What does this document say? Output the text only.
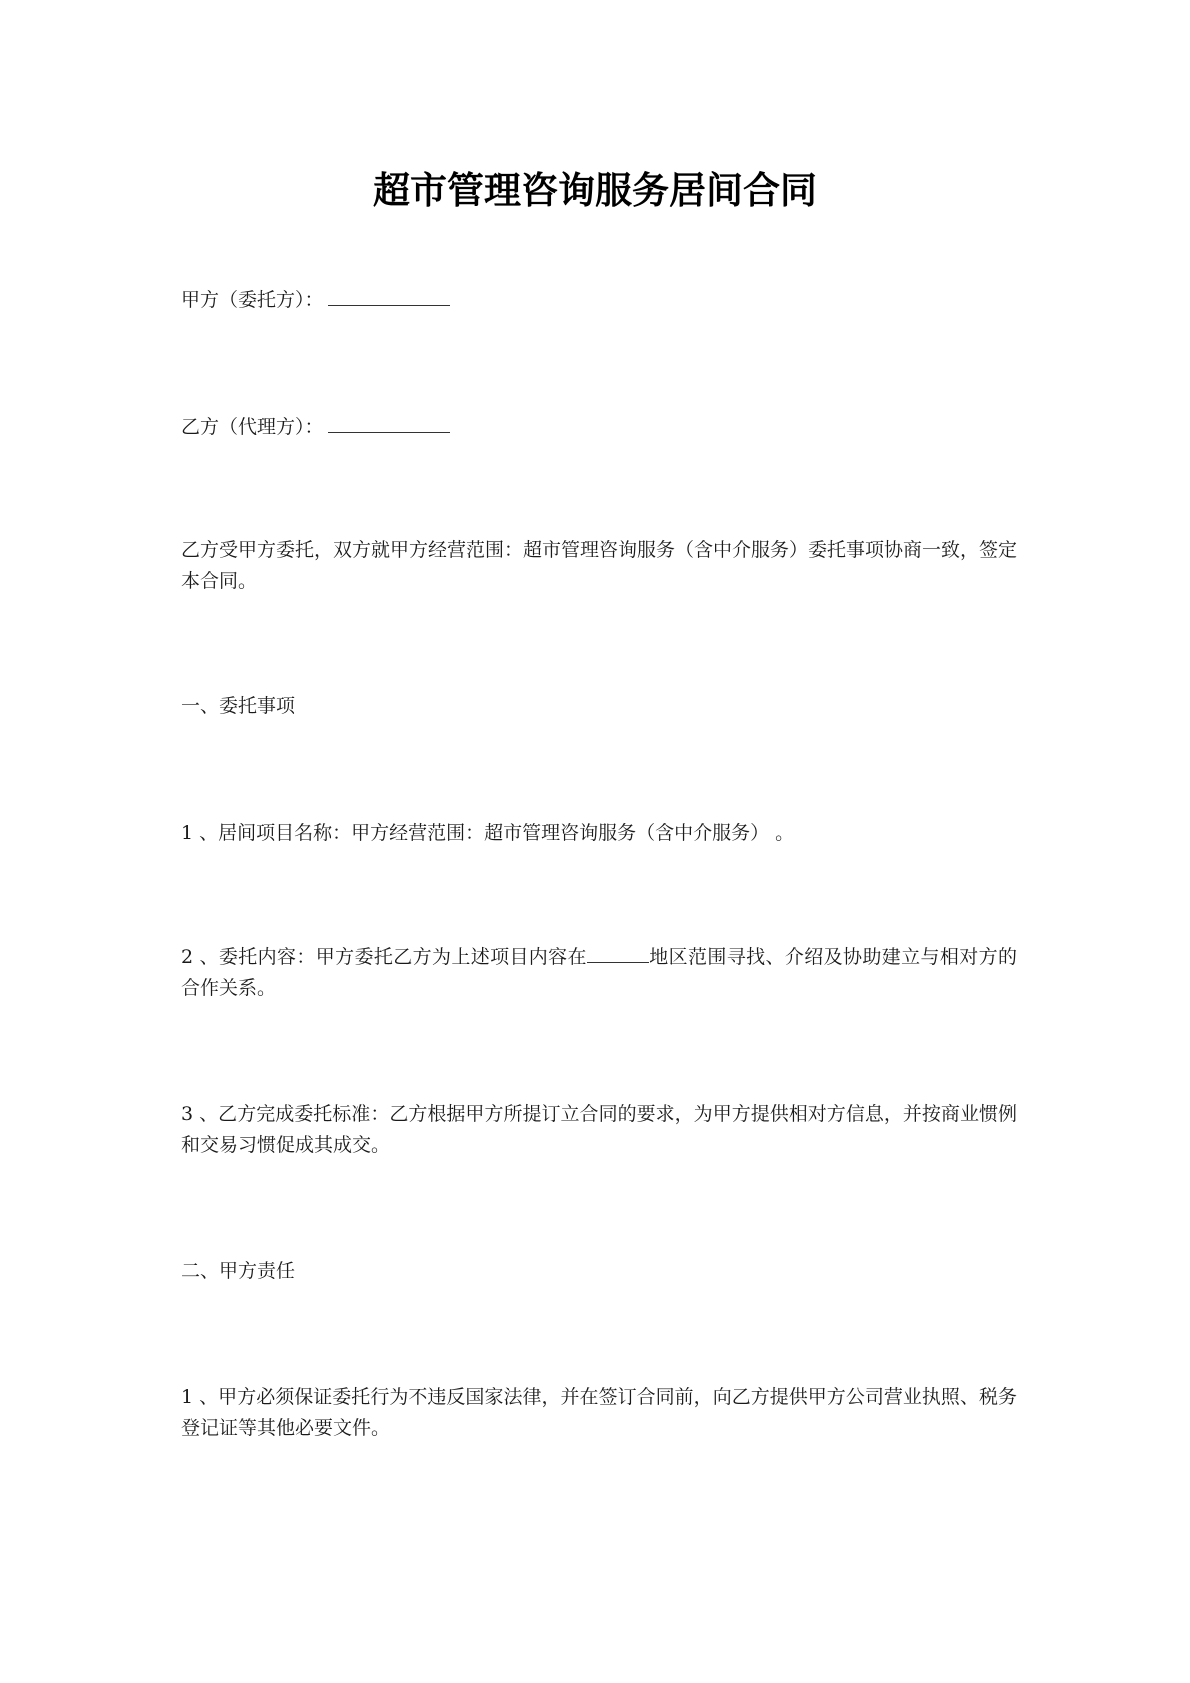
超市管理咨询服务居间合同

甲方（委托方）：

乙方（代理方）：

乙方受甲方委托，双方就甲方经营范围：超市管理咨询服务（含中介服务）委托事项协商一致，签定本合同。

一、委托事项

1 、居间项目名称：甲方经营范围：超市管理咨询服务（含中介服务） 。

2 、委托内容：甲方委托乙方为上述项目内容在	地区范围寻找、介绍及协助建立与相对方的合作关系。

3 、乙方完成委托标准：乙方根据甲方所提订立合同的要求，为甲方提供相对方信息，并按商业惯例和交易习惯促成其成交。

二、甲方责任

1 、甲方必须保证委托行为不违反国家法律，并在签订合同前，向乙方提供甲方公司营业执照、税务登记证等其他必要文件。
